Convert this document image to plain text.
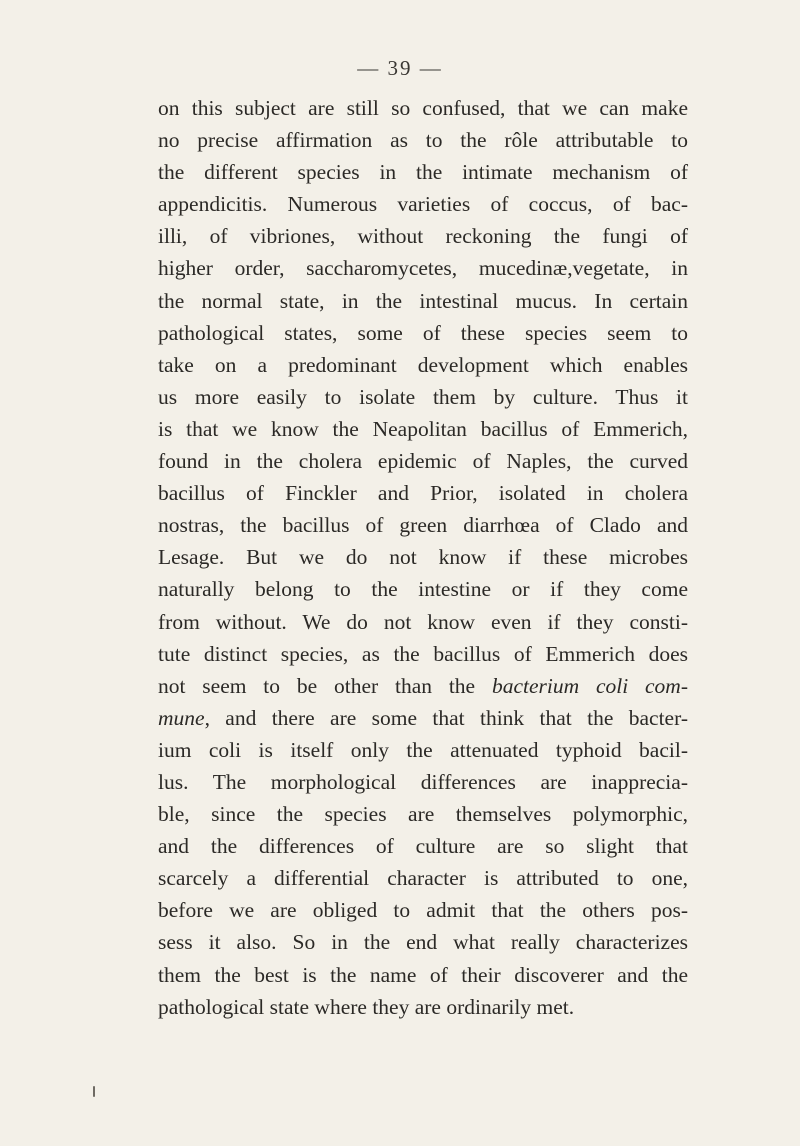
— 39 —
on this subject are still so confused, that we can make
no precise affirmation as to the rôle attributable to
the different species in the intimate mechanism of
appendicitis. Numerous varieties of coccus, of bac-
illi, of vibriones, without reckoning the fungi of
higher order, saccharomycetes, mucedinæ,vegetate, in
the normal state, in the intestinal mucus. In certain
pathological states, some of these species seem to
take on a predominant development which enables
us more easily to isolate them by culture. Thus it
is that we know the Neapolitan bacillus of Emmerich,
found in the cholera epidemic of Naples, the curved
bacillus of Finckler and Prior, isolated in cholera
nostras, the bacillus of green diarrhœa of Clado and
Lesage. But we do not know if these microbes
naturally belong to the intestine or if they come
from without. We do not know even if they consti-
tute distinct species, as the bacillus of Emmerich does
not seem to be other than the bacterium coli com-
mune, and there are some that think that the bacter-
ium coli is itself only the attenuated typhoid bacil-
lus. The morphological differences are inapprecia-
ble, since the species are themselves polymorphic,
and the differences of culture are so slight that
scarcely a differential character is attributed to one,
before we are obliged to admit that the others pos-
sess it also. So in the end what really characterizes
them the best is the name of their discoverer and the
pathological state where they are ordinarily met.
